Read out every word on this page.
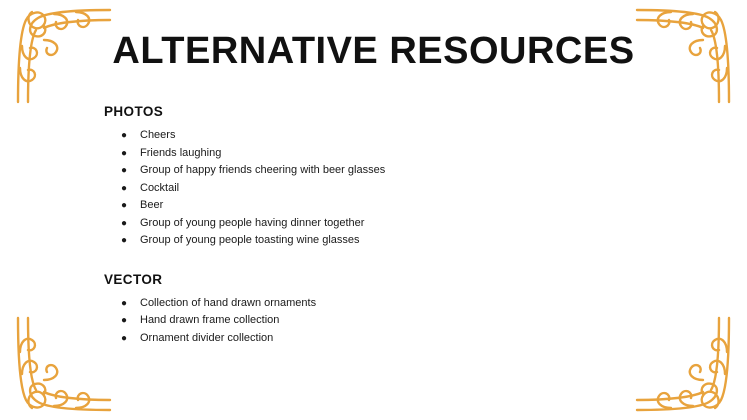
ALTERNATIVE RESOURCES
PHOTOS
● Cheers
● Friends laughing
● Group of happy friends cheering with beer glasses
● Cocktail
● Beer
● Group of young people having dinner together
● Group of young people toasting wine glasses
VECTOR
● Collection of hand drawn ornaments
● Hand drawn frame collection
● Ornament divider collection
